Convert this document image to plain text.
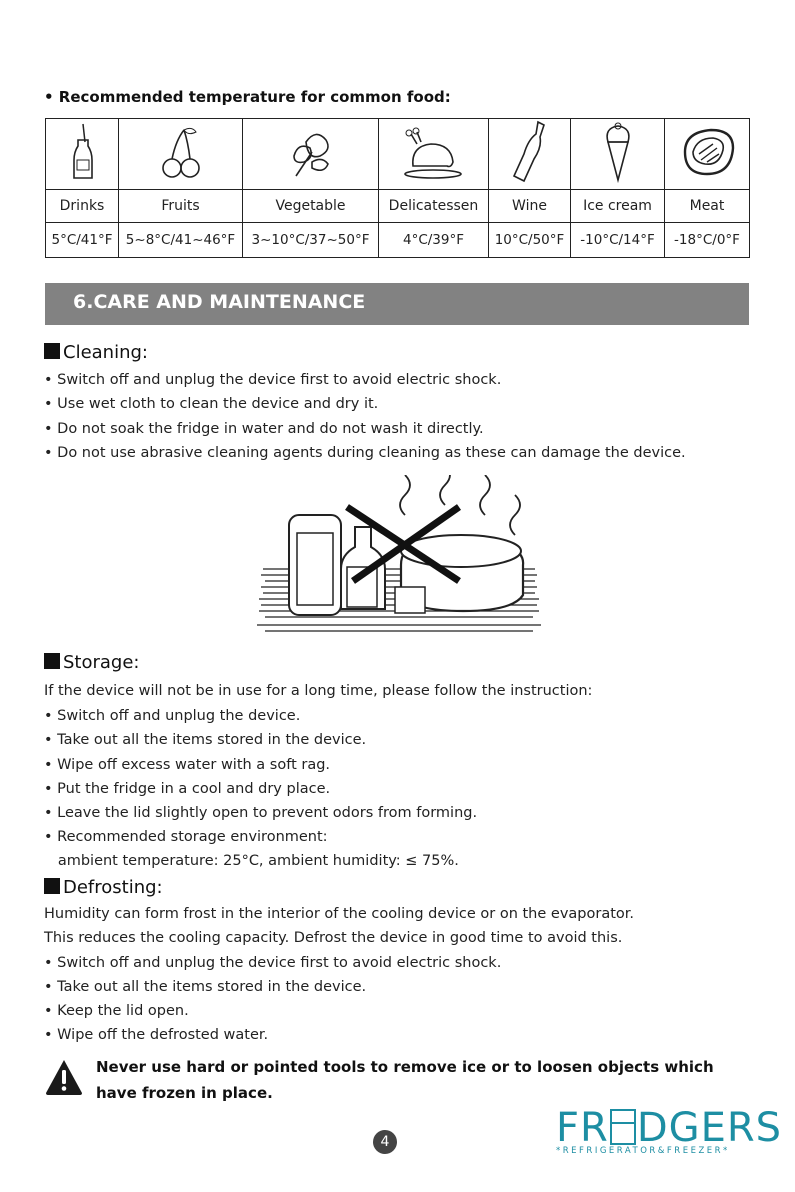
• Recommended temperature for common food:

Drinks	Fruits	Vegetable	Delicatessen	Wine	Ice cream	Meat
5°C/41°F	5~8°C/41~46°F	3~10°C/37~50°F	4°C/39°F	10°C/50°F	-10°C/14°F	-18°C/0°F
6.CARE AND MAINTENANCE
Cleaning:
• Switch off and unplug the device first to avoid electric shock.
• Use wet cloth to clean the device and dry it.
• Do not soak the fridge in water and do not wash it directly.
• Do not use abrasive cleaning agents during cleaning as these can damage the device.
Storage:
If the device will not be in use for a long time, please follow the instruction:
• Switch off and unplug the device.
• Take out all the items stored in the device.
• Wipe off excess water with a soft rag.
• Put the fridge in a cool and dry place.
• Leave the lid slightly open to prevent odors from forming.
• Recommended storage environment:
ambient temperature: 25°C, ambient humidity: ≤ 75%.
Defrosting:
Humidity can form frost in the interior of the cooling device or on the evaporator.
This reduces the cooling capacity. Defrost the device in good time to avoid this.
• Switch off and unplug the device first to avoid electric shock.
• Take out all the items stored in the device.
• Keep the lid open.
• Wipe off the defrosted water.
Never use hard or pointed tools to remove ice or to loosen objects which
have frozen in place.
4	FR DGERS
*REFRIGERATOR&FREEZER*
